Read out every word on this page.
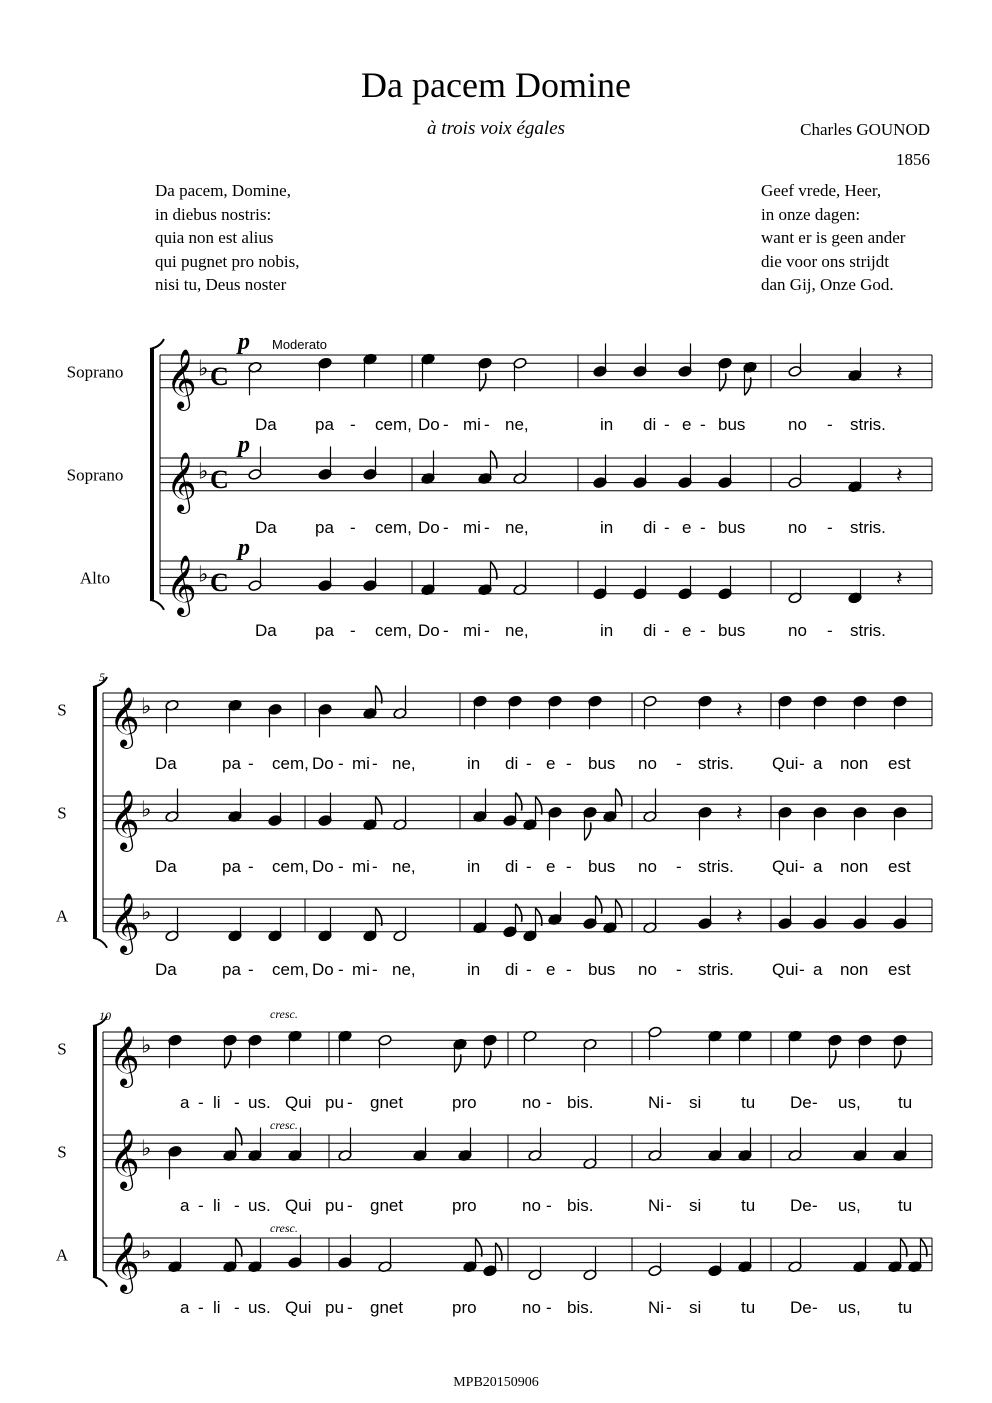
Da pacem Domine
à trois voix égales	Charles GOUNOD
1856
Da pacem, Domine,
in diebus nostris:
quia non est alius
qui pugnet pro nobis,
nisi tu, Deus noster
Geef vrede, Heer,
in onze dagen:
want er is geen ander
die voor ons strijdt
dan Gij, Onze God.
Soprano 𝄞 ♭ C
p
𝄽
Da pa - cem, Do - mi - ne,	in di - e - bus	no - stris.
Soprano 𝄞 ♭ C
p
𝄽
Da pa - cem, Do - mi - ne,	in di - e - bus	no - stris.
Alto 𝄞 ♭ C
p
𝄽
Da pa - cem, Do - mi - ne,	in di - e - bus	no - stris.
Moderato
5
S 𝄞 ♭	𝄽
Da	pa - cem, Do - mi - ne,	in di - e - bus no - stris. Qui - a non est
S 𝄞 ♭	𝄽
Da	pa - cem, Do - mi - ne,	in di - e - bus no - stris. Qui - a non est
A 𝄞 ♭	𝄽
Da	pa - cem, Do - mi - ne,	in di - e - bus no - stris. Qui - a non est
10
S 𝄞 ♭
cresc.
a - li - us. Qui pu - gnet	pro	no - bis.	Ni - si tu De - us, tu
S 𝄞 ♭
cresc.
a - li - us. Qui pu - gnet	pro	no - bis.	Ni - si tu De - us, tu
A 𝄞 ♭
cresc.
a - li - us. Qui pu - gnet	pro	no - bis.	Ni - si tu De - us, tu
MPB20150906
